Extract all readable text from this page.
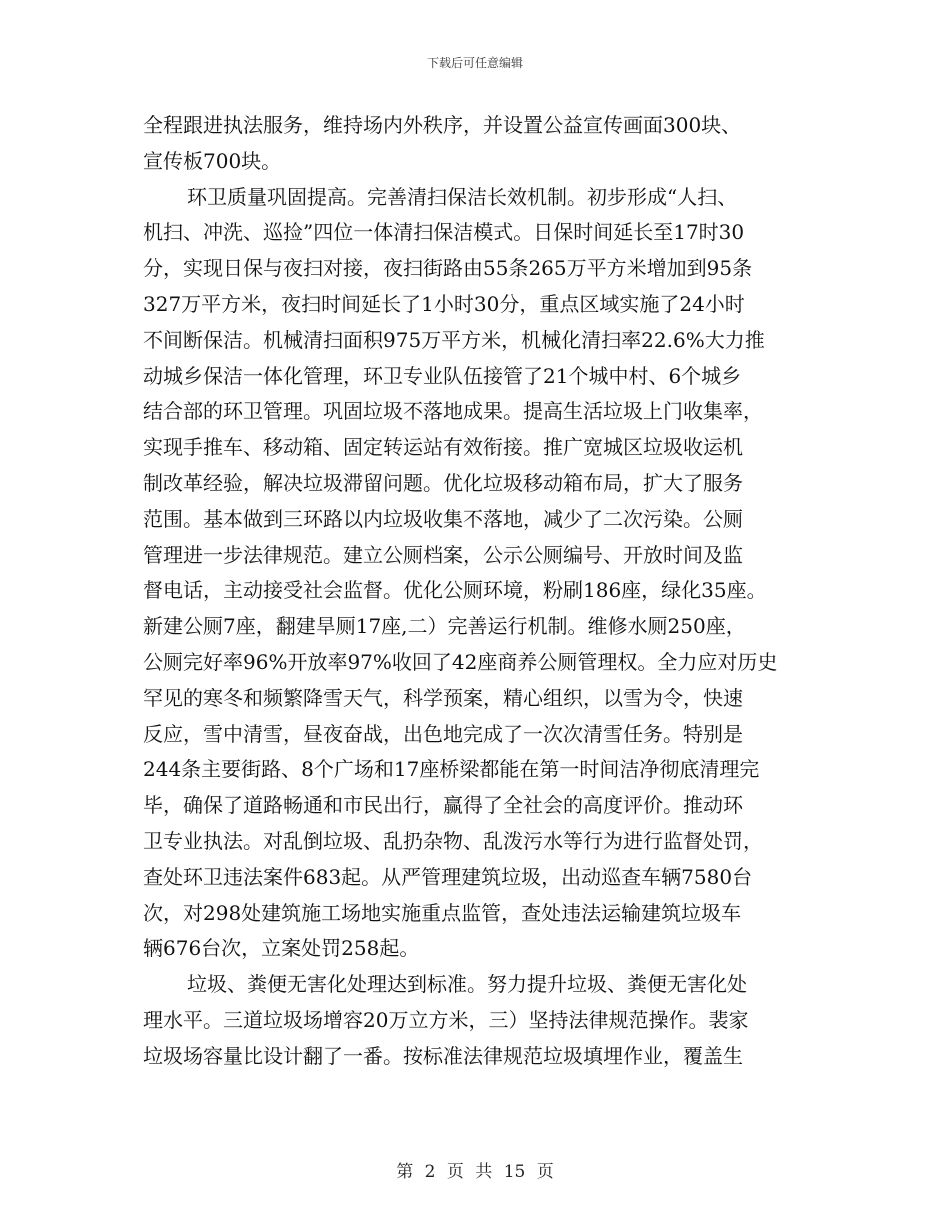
下载后可任意编辑

全程跟进执法服务，维持场内外秩序，并设置公益宣传画面300块、
宣传板700块。

环卫质量巩固提高。完善清扫保洁长效机制。初步形成“人扫、
机扫、冲洗、巡捡”四位一体清扫保洁模式。日保时间延长至17时30
分，实现日保与夜扫对接，夜扫街路由55条265万平方米增加到95条
327万平方米，夜扫时间延长了1小时30分，重点区域实施了24小时
不间断保洁。机械清扫面积975万平方米，机械化清扫率22.6%大力推
动城乡保洁一体化管理，环卫专业队伍接管了21个城中村、6个城乡
结合部的环卫管理。巩固垃圾不落地成果。提高生活垃圾上门收集率，
实现手推车、移动箱、固定转运站有效衔接。推广宽城区垃圾收运机
制改革经验，解决垃圾滞留问题。优化垃圾移动箱布局，扩大了服务
范围。基本做到三环路以内垃圾收集不落地，减少了二次污染。公厕
管理进一步法律规范。建立公厕档案，公示公厕编号、开放时间及监
督电话，主动接受社会监督。优化公厕环境，粉刷186座，绿化35座。
新建公厕7座，翻建旱厕17座,二）完善运行机制。维修水厕250座，
公厕完好率96%开放率97%收回了42座商养公厕管理权。全力应对历史
罕见的寒冬和频繁降雪天气，科学预案，精心组织，以雪为令，快速
反应，雪中清雪，昼夜奋战，出色地完成了一次次清雪任务。特别是
244条主要街路、8个广场和17座桥梁都能在第一时间洁净彻底清理完
毕，确保了道路畅通和市民出行，赢得了全社会的高度评价。推动环
卫专业执法。对乱倒垃圾、乱扔杂物、乱泼污水等行为进行监督处罚，
查处环卫违法案件683起。从严管理建筑垃圾，出动巡查车辆7580台
次，对298处建筑施工场地实施重点监管，查处违法运输建筑垃圾车
辆676台次，立案处罚258起。

垃圾、粪便无害化处理达到标准。努力提升垃圾、粪便无害化处
理水平。三道垃圾场增容20万立方米，三）坚持法律规范操作。裴家
垃圾场容量比设计翻了一番。按标准法律规范垃圾填埋作业，覆盖生

第 2 页 共 15 页
